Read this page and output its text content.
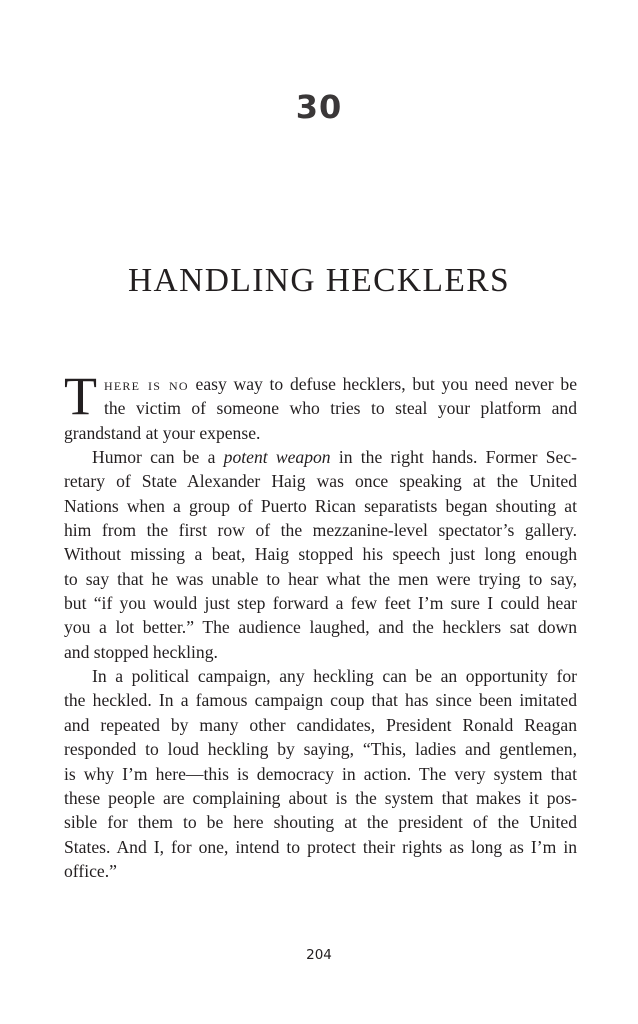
30
HANDLING HECKLERS
T here is no easy way to defuse hecklers, but you need never be
the victim of someone who tries to steal your platform and
grandstand at your expense.
Humor can be a potent weapon in the right hands. Former Sec-
retary of State Alexander Haig was once speaking at the United
Nations when a group of Puerto Rican separatists began shouting at
him from the first row of the mezzanine-level spectator’s gallery.
Without missing a beat, Haig stopped his speech just long enough
to say that he was unable to hear what the men were trying to say,
but “if you would just step forward a few feet I’m sure I could hear
you a lot better.” The audience laughed, and the hecklers sat down
and stopped heckling.
In a political campaign, any heckling can be an opportunity for
the heckled. In a famous campaign coup that has since been imitated
and repeated by many other candidates, President Ronald Reagan
responded to loud heckling by saying, “This, ladies and gentlemen,
is why I’m here—this is democracy in action. The very system that
these people are complaining about is the system that makes it pos-
sible for them to be here shouting at the president of the United
States. And I, for one, intend to protect their rights as long as I’m in
office.”
204
